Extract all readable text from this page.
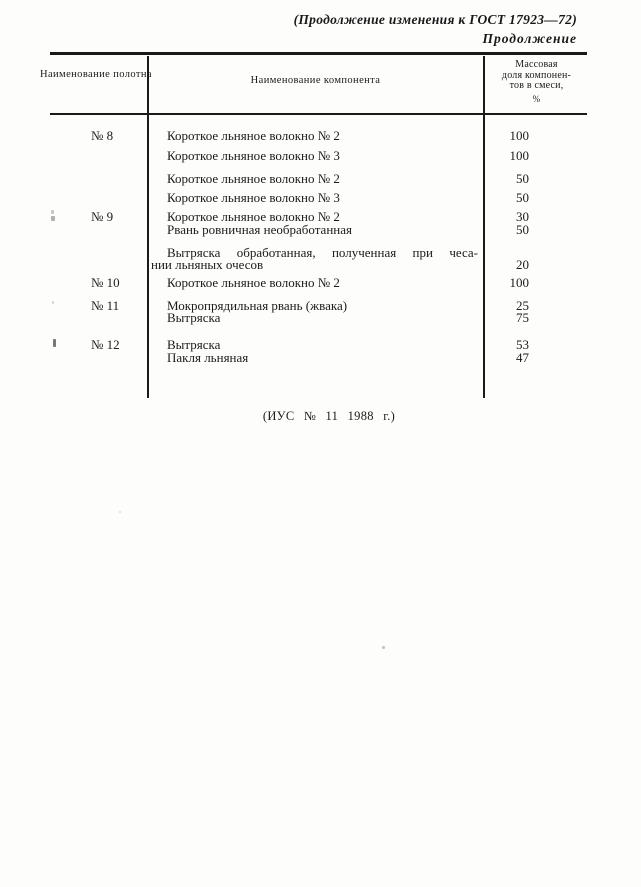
(Продолжение изменения к ГОСТ 17923—72)
Продолжение
Наименование полотна
Наименование компонента
Массовая
доля компонен-
тов в смеси,
%
№ 8	Короткое льняное волокно № 2	100
Короткое льняное волокно № 3	100
Короткое льняное волокно № 2	50
Короткое льняное волокно № 3	50
№ 9	Короткое льняное волокно № 2	30
Рвань ровничная необработанная	50
Вытряска обработанная, полученная при чеса-
нии льняных очесов	20
№ 10	Короткое льняное волокно № 2	100
№ 11	Мокропрядильная рвань (жвака)	25
Вытряска	75
№ 12	Вытряска	53
Пакля льняная	47
(ИУС № 11 1988 г.)
